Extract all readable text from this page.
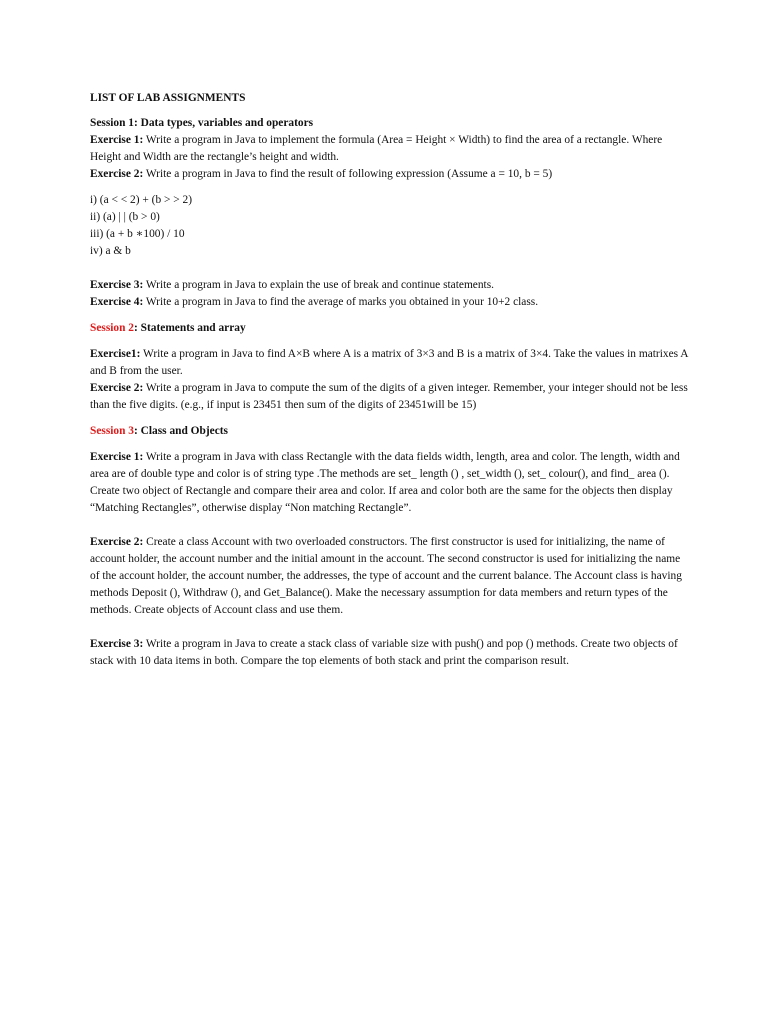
LIST OF LAB ASSIGNMENTS
Session 1: Data types, variables and operators

Exercise 1: Write a program in Java to implement the formula (Area = Height × Width) to find the area of a rectangle. Where Height and Width are the rectangle’s height and width.

Exercise 2: Write a program in Java to find the result of following expression (Assume a = 10, b = 5)

i) (a < < 2) + (b > > 2)
ii) (a) | | (b > 0)
iii) (a + b ∗100) / 10
iv) a & b

Exercise 3: Write a program in Java to explain the use of break and continue statements.

Exercise 4: Write a program in Java to find the average of marks you obtained in your 10+2 class.

Session 2: Statements and array

Exercise1: Write a program in Java to find A×B where A is a matrix of 3×3 and B is a matrix of 3×4. Take the values in matrixes A and B from the user.

Exercise 2: Write a program in Java to compute the sum of the digits of a given integer. Remember, your integer should not be less than the five digits. (e.g., if input is 23451 then sum of the digits of 23451will be 15)

Session 3: Class and Objects

Exercise 1: Write a program in Java with class Rectangle with the data fields width, length, area and color. The length, width and area are of double type and color is of string type .The methods are set_ length () , set_width (), set_ colour(), and find_ area (). Create two object of Rectangle and compare their area and color. If area and color both are the same for the objects then display “Matching Rectangles”, otherwise display “Non matching Rectangle”.

Exercise 2: Create a class Account with two overloaded constructors. The first constructor is used for initializing, the name of account holder, the account number and the initial amount in the account. The second constructor is used for initializing the name of the account holder, the account number, the addresses, the type of account and the current balance. The Account class is having methods Deposit (), Withdraw (), and Get_Balance(). Make the necessary assumption for data members and return types of the methods. Create objects of Account class and use them.

Exercise 3: Write a program in Java to create a stack class of variable size with push() and pop () methods. Create two objects of stack with 10 data items in both. Compare the top elements of both stack and print the comparison result.
